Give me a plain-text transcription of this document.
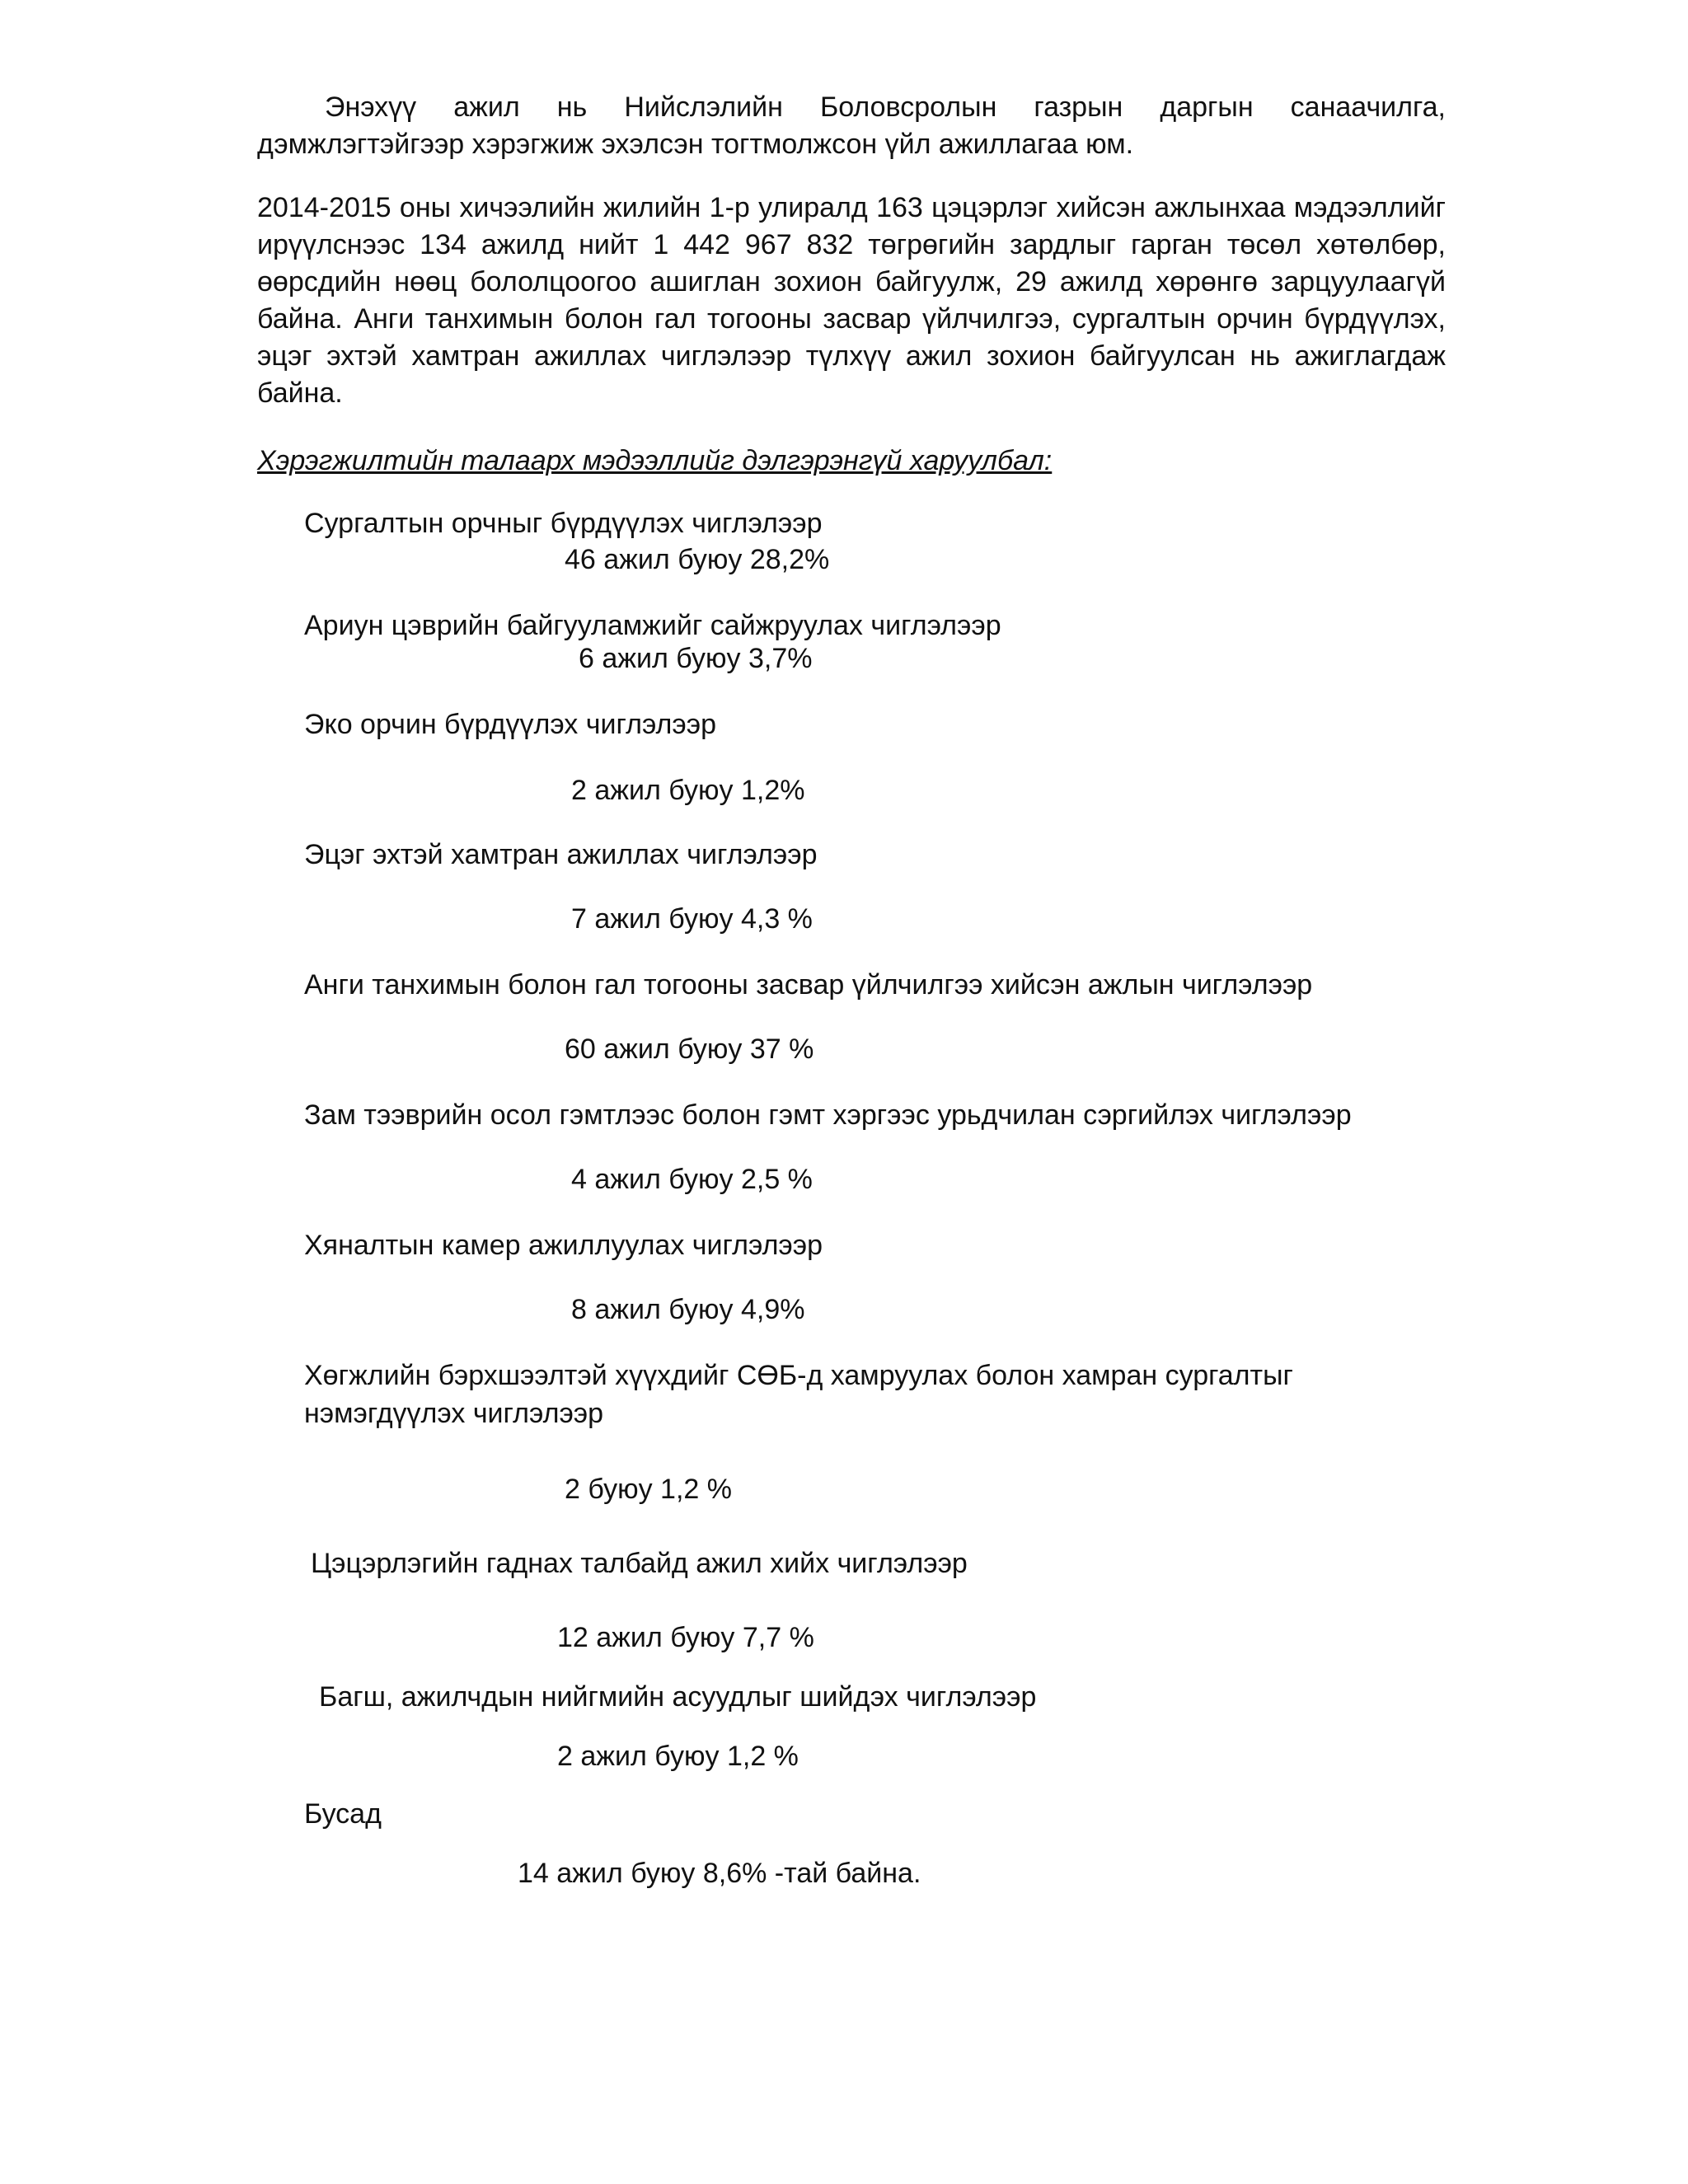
Энэхүү ажил нь Нийслэлийн Боловсролын газрын даргын санаачилга, дэмжлэгтэйгээр хэрэгжиж эхэлсэн тогтмолжсон үйл ажиллагаа юм.

2014-2015 оны хичээлийн жилийн 1-р улиралд 163 цэцэрлэг хийсэн ажлынхаа мэдээллийг ирүүлснээс 134 ажилд нийт 1 442 967 832 төгрөгийн зардлыг гарган төсөл хөтөлбөр, өөрсдийн нөөц бололцоогоо ашиглан зохион байгуулж, 29 ажилд хөрөнгө зарцуулаагүй байна. Анги танхимын болон гал тогооны засвар үйлчилгээ, сургалтын орчин бүрдүүлэх, эцэг эхтэй хамтран ажиллах чиглэлээр түлхүү ажил зохион байгуулсан нь ажиглагдаж байна.

Хэрэгжилтийн талаарх мэдээллийг дэлгэрэнгүй харуулбал:

Сургалтын орчныг бүрдүүлэх чиглэлээр

46 ажил буюу 28,2%

Ариун цэврийн байгууламжийг сайжруулах чиглэлээр

6 ажил буюу 3,7%

Эко орчин бүрдүүлэх чиглэлээр

2 ажил буюу 1,2%

Эцэг эхтэй хамтран ажиллах чиглэлээр

7 ажил буюу 4,3 %

Анги танхимын болон гал тогооны засвар үйлчилгээ хийсэн ажлын чиглэлээр

60 ажил буюу 37 %

Зам тээврийн осол гэмтлээс болон гэмт хэргээс урьдчилан сэргийлэх чиглэлээр

4 ажил буюу 2,5 %

Хяналтын камер ажиллуулах чиглэлээр

8 ажил буюу 4,9%

Хөгжлийн бэрхшээлтэй хүүхдийг СӨБ-д хамруулах болон хамран сургалтыг

нэмэгдүүлэх чиглэлээр

2 буюу 1,2 %

Цэцэрлэгийн гаднах талбайд ажил хийх чиглэлээр

12 ажил буюу 7,7 %

Багш, ажилчдын нийгмийн асуудлыг шийдэх чиглэлээр

2 ажил буюу 1,2 %

Бусад

14 ажил буюу 8,6% -тай байна.
